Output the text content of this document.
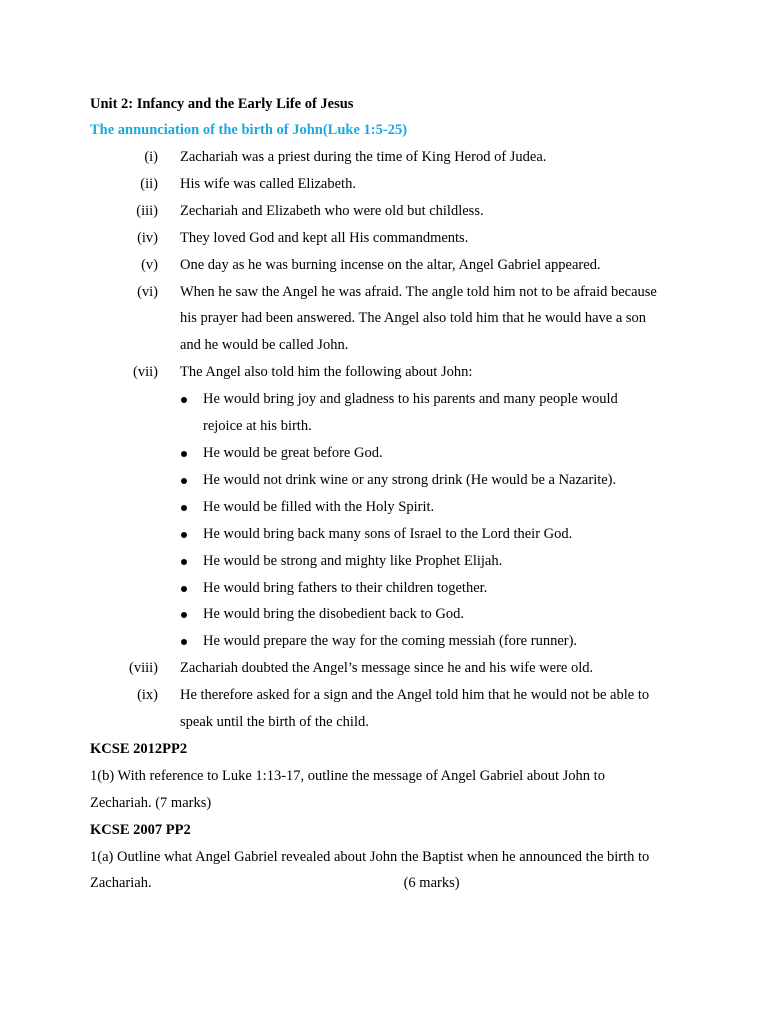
Unit 2: Infancy and the Early Life of Jesus
The annunciation of the birth of John(Luke 1:5-25)
(i) Zachariah was a priest during the time of King Herod of Judea.
(ii) His wife was called Elizabeth.
(iii) Zechariah and Elizabeth who were old but childless.
(iv) They loved God and kept all His commandments.
(v) One day as he was burning incense on the altar, Angel Gabriel appeared.
(vi) When he saw the Angel he was afraid. The angle told him not to be afraid because
his prayer had been answered. The Angel also told him that he would have a son
and he would be called John.
(vii) The Angel also told him the following about John:
He would bring joy and gladness to his parents and many people would
rejoice at his birth.
He would be great before God.
He would not drink wine or any strong drink (He would be a Nazarite).
He would be filled with the Holy Spirit.
He would bring back many sons of Israel to the Lord their God.
He would be strong and mighty like Prophet Elijah.
He would bring fathers to their children together.
He would bring the disobedient back to God.
He would prepare the way for the coming messiah (fore runner).
(viii) Zachariah doubted the Angel’s message since he and his wife were old.
(ix) He therefore asked for a sign and the Angel told him that he would not be able to
speak until the birth of the child.
KCSE 2012PP2
1(b) With reference to Luke 1:13-17, outline the message of Angel Gabriel about John to
Zechariah. (7 marks)
KCSE 2007 PP2
1(a) Outline what Angel Gabriel revealed about John the Baptist when he announced the birth to
Zachariah.	(6 marks)
